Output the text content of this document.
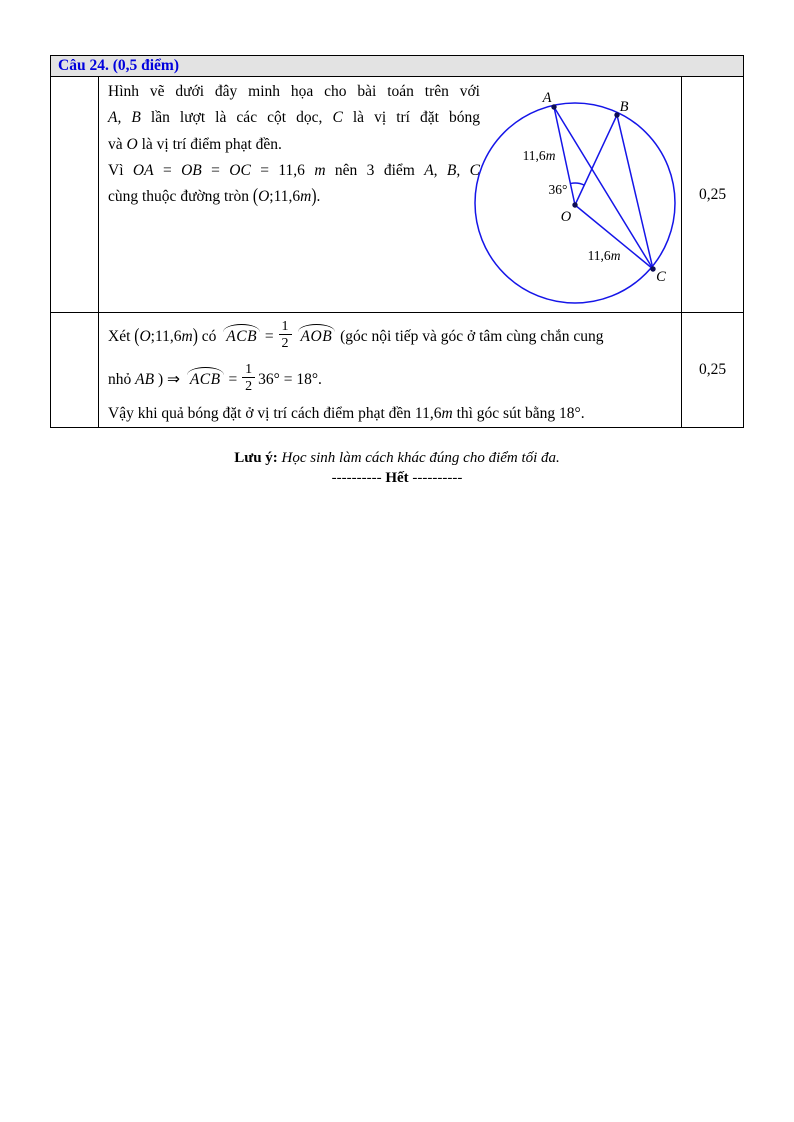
Câu 24. (0,5 điểm)
Hình vẽ dưới đây minh họa cho bài toán trên với
A, B lần lượt là các cột dọc, C là vị trí đặt bóng
và O là vị trí điểm phạt đền.
Vì OA = OB = OC = 11,6 m nên 3 điểm A, B, C
cùng thuộc đường tròn (O;11,6m).
A
B
O
C
11,6m
11,6m
36°	0,25
Xét (O;11,6m) có ACB = $\frac{1}{2}$ AOB (góc nội tiếp và góc ở tâm cùng chắn cung
nhỏ AB ) ⇒ ACB = $\frac{1}{2} 36^\circ = 18^\circ$.
Vậy khi quả bóng đặt ở vị trí cách điểm phạt đền 11,6m thì góc sút bằng 18°.
0,25
Lưu ý: Học sinh làm cách khác đúng cho điểm tối đa.
---------- Hết ----------
